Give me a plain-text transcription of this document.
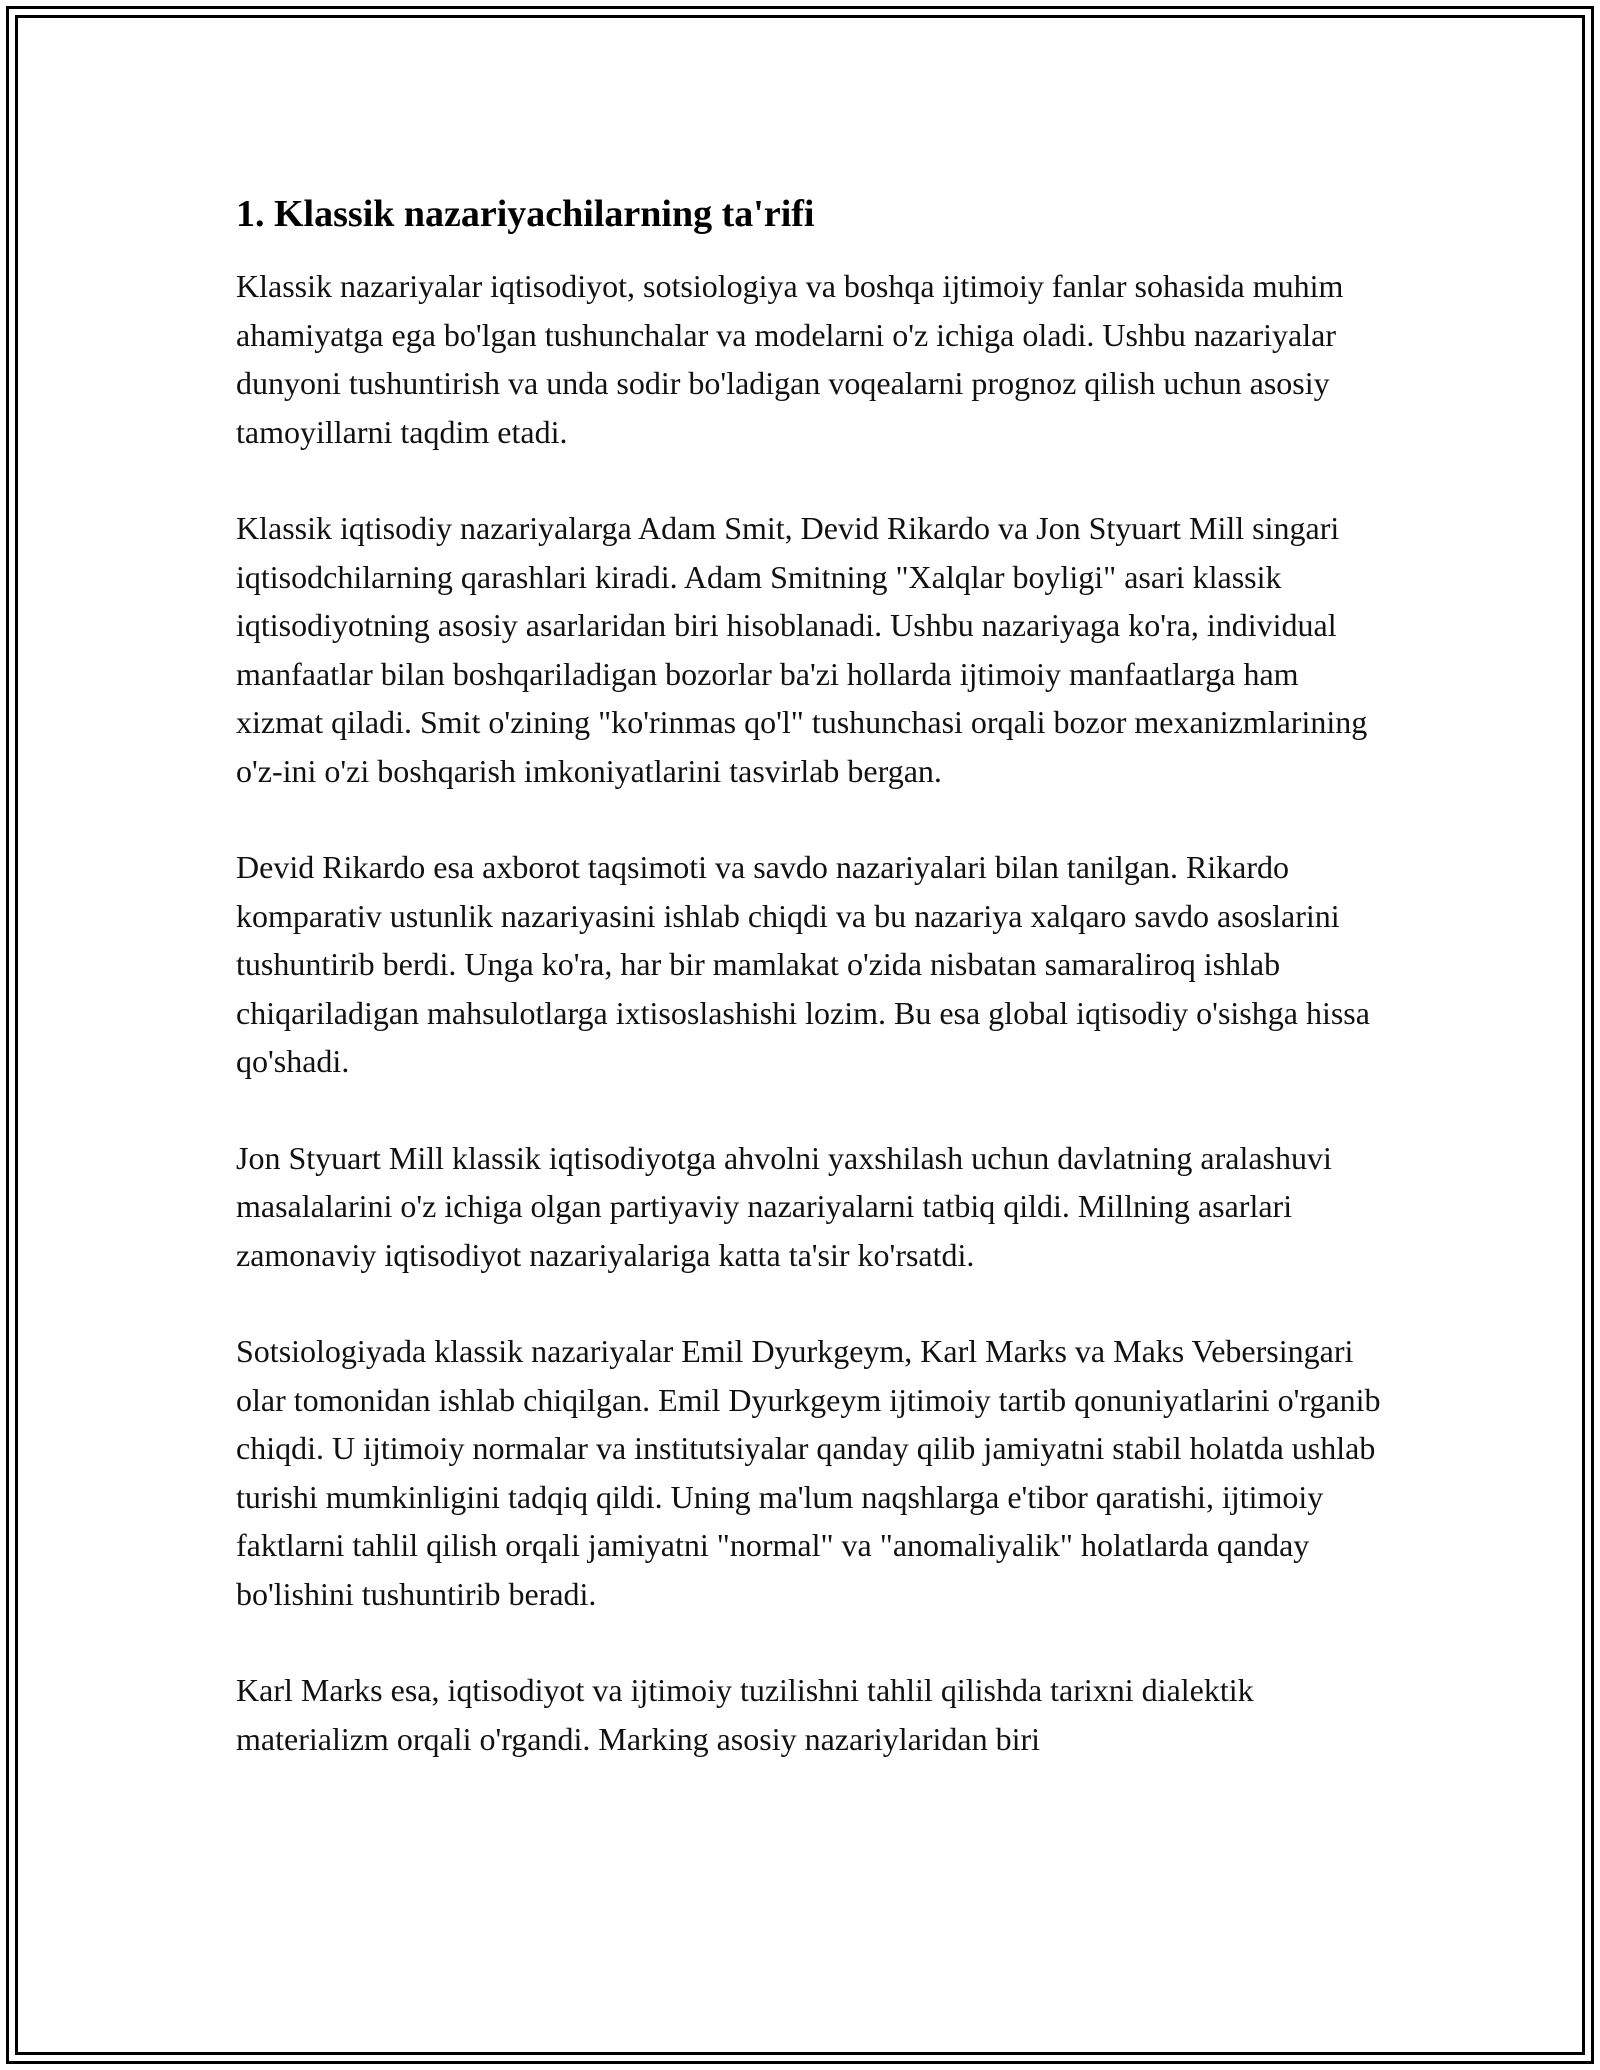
1. Klassik nazariyachilarning ta'rifi

Klassik nazariyalar iqtisodiyot, sotsiologiya va boshqa ijtimoiy fanlar sohasida muhim ahamiyatga ega bo'lgan tushunchalar va modelarni o'z ichiga oladi. Ushbu nazariyalar dunyoni tushuntirish va unda sodir bo'ladigan voqealarni prognoz qilish uchun asosiy tamoyillarni taqdim etadi.

Klassik iqtisodiy nazariyalarga Adam Smit, Devid Rikardo va Jon Styuart Mill singari iqtisodchilarning qarashlari kiradi. Adam Smitning "Xalqlar boyligi" asari klassik iqtisodiyotning asosiy asarlaridan biri hisoblanadi. Ushbu nazariyaga ko'ra, individual manfaatlar bilan boshqariladigan bozorlar ba'zi hollarda ijtimoiy manfaatlarga ham xizmat qiladi. Smit o'zining "ko'rinmas qo'l" tushunchasi orqali bozor mexanizmlarining o'z-ini o'zi boshqarish imkoniyatlarini tasvirlab bergan.

Devid Rikardo esa axborot taqsimoti va savdo nazariyalari bilan tanilgan. Rikardo komparativ ustunlik nazariyasini ishlab chiqdi va bu nazariya xalqaro savdo asoslarini tushuntirib berdi. Unga ko'ra, har bir mamlakat o'zida nisbatan samaraliroq ishlab chiqariladigan mahsulotlarga ixtisoslashishi lozim. Bu esa global iqtisodiy o'sishga hissa qo'shadi.

Jon Styuart Mill klassik iqtisodiyotga ahvolni yaxshilash uchun davlatning aralashuvi masalalarini o'z ichiga olgan partiyaviy nazariyalarni tatbiq qildi. Millning asarlari zamonaviy iqtisodiyot nazariyalariga katta ta'sir ko'rsatdi.

Sotsiologiyada klassik nazariyalar Emil Dyurkgeym, Karl Marks va Maks Vebersingari olar tomonidan ishlab chiqilgan. Emil Dyurkgeym ijtimoiy tartib qonuniyatlarini o'rganib chiqdi. U ijtimoiy normalar va institutsiyalar qanday qilib jamiyatni stabil holatda ushlab turishi mumkinligini tadqiq qildi. Uning ma'lum naqshlarga e'tibor qaratishi, ijtimoiy faktlarni tahlil qilish orqali jamiyatni "normal" va "anomaliyalik" holatlarda qanday bo'lishini tushuntirib beradi.

Karl Marks esa, iqtisodiyot va ijtimoiy tuzilishni tahlil qilishda tarixni dialektik materializm orqali o'rgandi. Marking asosiy nazariylaridan biri
